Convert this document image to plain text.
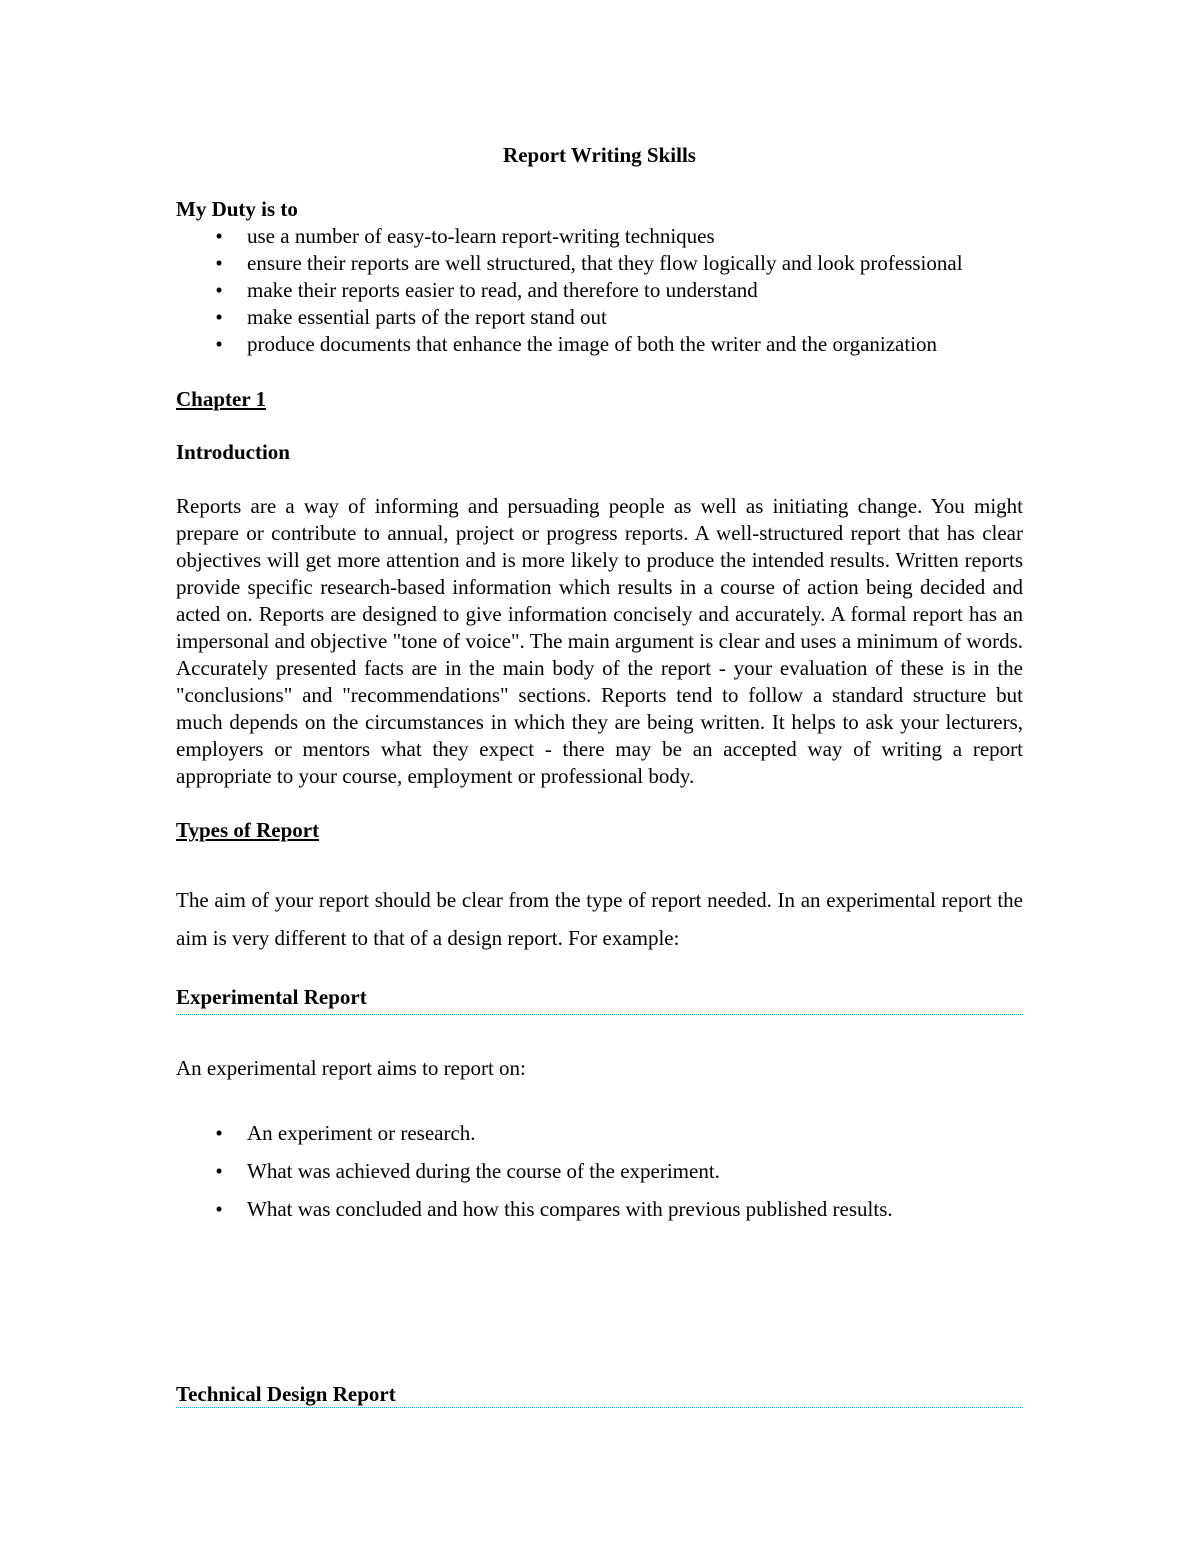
Report Writing Skills

My Duty is to

• use a number of easy-to-learn report-writing techniques
• ensure their reports are well structured, that they flow logically and look professional
• make their reports easier to read, and therefore to understand
• make essential parts of the report stand out
• produce documents that enhance the image of both the writer and the organization

Chapter 1

Introduction

Reports are a way of informing and persuading people as well as initiating change. You might prepare or contribute to annual, project or progress reports. A well-structured report that has clear objectives will get more attention and is more likely to produce the intended results. Written reports provide specific research-based information which results in a course of action being decided and acted on. Reports are designed to give information concisely and accurately. A formal report has an impersonal and objective "tone of voice". The main argument is clear and uses a minimum of words. Accurately presented facts are in the main body of the report - your evaluation of these is in the "conclusions" and "recommendations" sections. Reports tend to follow a standard structure but much depends on the circumstances in which they are being written. It helps to ask your lecturers, employers or mentors what they expect - there may be an accepted way of writing a report appropriate to your course, employment or professional body.

Types of Report

The aim of your report should be clear from the type of report needed. In an experimental report the aim is very different to that of a design report. For example:

Experimental Report

An experimental report aims to report on:

• An experiment or research.
• What was achieved during the course of the experiment.
• What was concluded and how this compares with previous published results.

Technical Design Report
